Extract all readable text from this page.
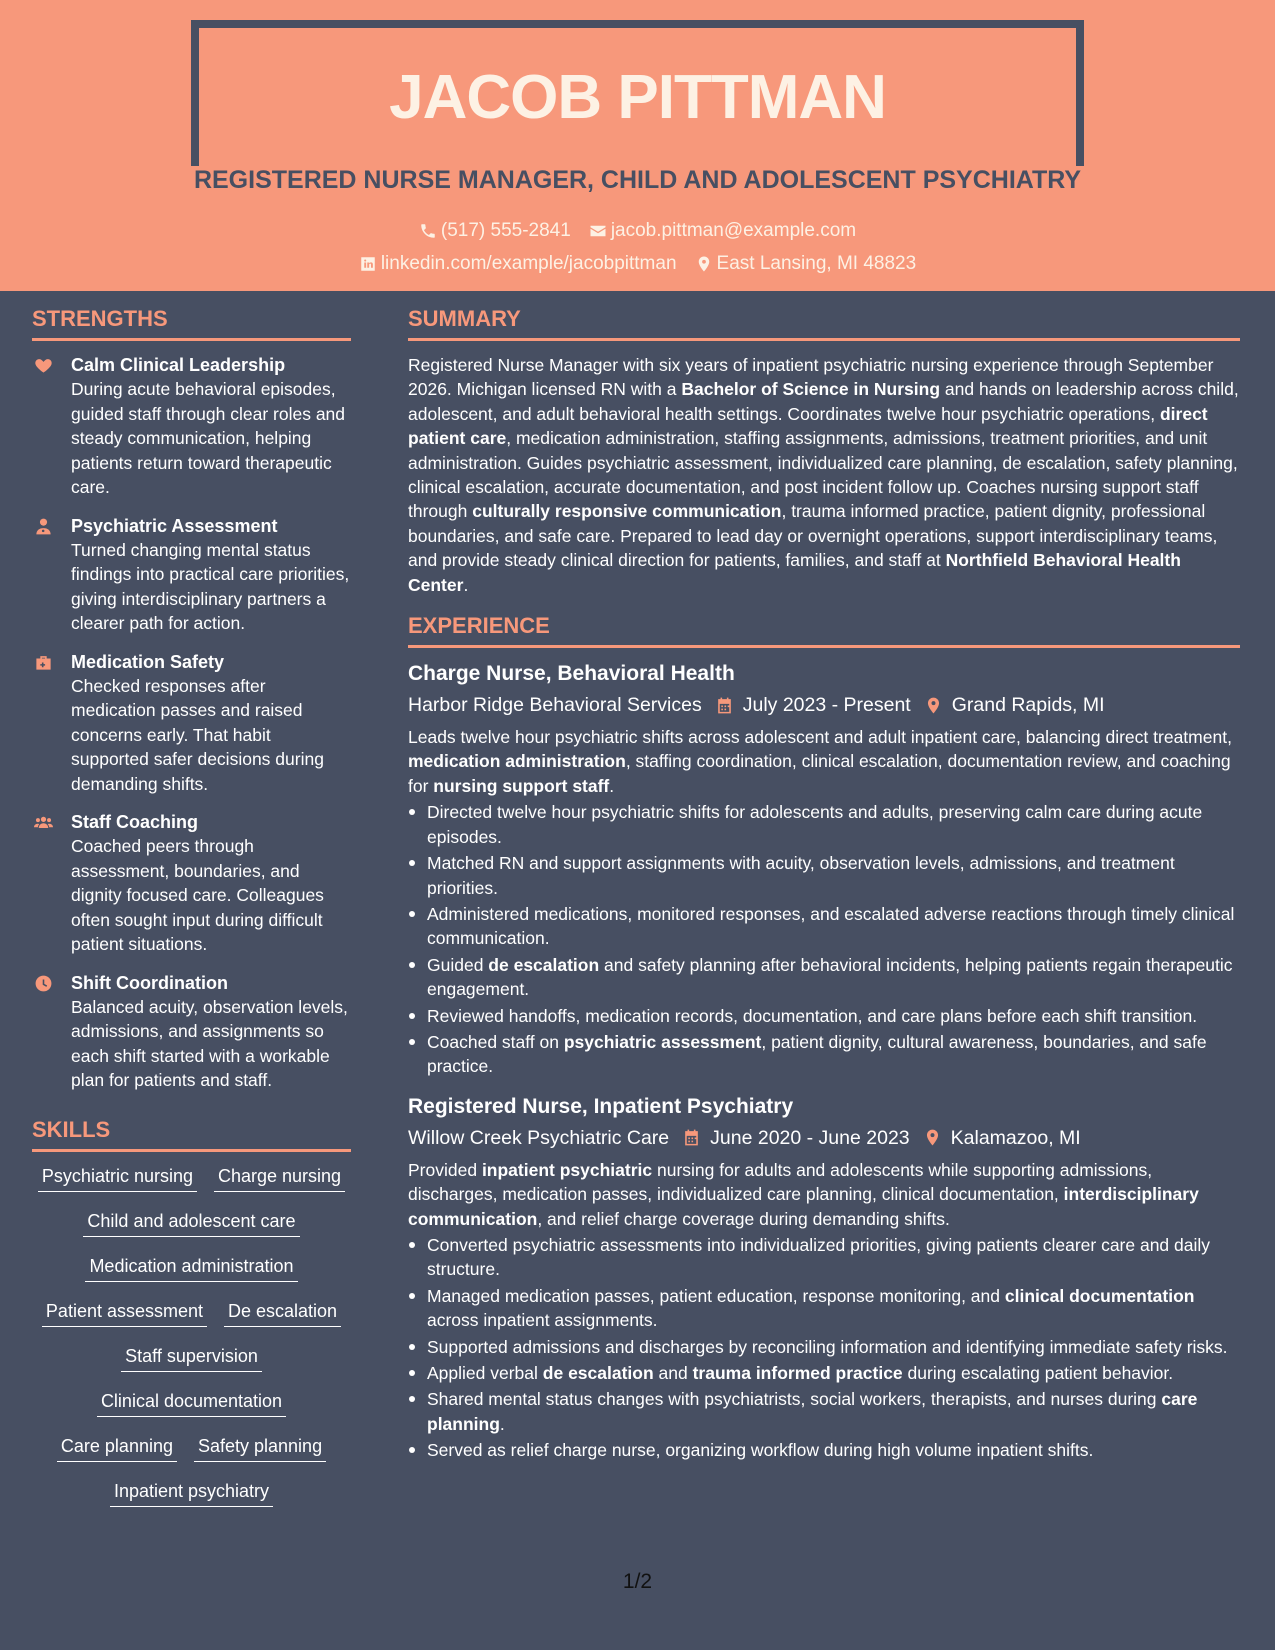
JACOB PITTMAN
REGISTERED NURSE MANAGER, CHILD AND ADOLESCENT PSYCHIATRY
(517) 555-2841 jacob.pittman@example.com
linkedin.com/example/jacobpittman East Lansing, MI 48823
STRENGTHS
Calm Clinical Leadership
During acute behavioral episodes, guided staff through clear roles and steady communication, helping patients return toward therapeutic care.
Psychiatric Assessment
Turned changing mental status findings into practical care priorities, giving interdisciplinary partners a clearer path for action.
Medication Safety
Checked responses after medication passes and raised concerns early. That habit supported safer decisions during demanding shifts.
Staff Coaching
Coached peers through assessment, boundaries, and dignity focused care. Colleagues often sought input during difficult patient situations.
Shift Coordination
Balanced acuity, observation levels, admissions, and assignments so each shift started with a workable plan for patients and staff.
SKILLS
Psychiatric nursing Charge nursing
Child and adolescent care
Medication administration
Patient assessment De escalation
Staff supervision
Clinical documentation
Care planning Safety planning
Inpatient psychiatry
SUMMARY
Registered Nurse Manager with six years of inpatient psychiatric nursing experience through September 2026. Michigan licensed RN with a Bachelor of Science in Nursing and hands on leadership across child, adolescent, and adult behavioral health settings. Coordinates twelve hour psychiatric operations, direct patient care, medication administration, staffing assignments, admissions, treatment priorities, and unit administration. Guides psychiatric assessment, individualized care planning, de escalation, safety planning, clinical escalation, accurate documentation, and post incident follow up. Coaches nursing support staff through culturally responsive communication, trauma informed practice, patient dignity, professional boundaries, and safe care. Prepared to lead day or overnight operations, support interdisciplinary teams, and provide steady clinical direction for patients, families, and staff at Northfield Behavioral Health Center.
EXPERIENCE
Charge Nurse, Behavioral Health
Harbor Ridge Behavioral Services July 2023 - Present Grand Rapids, MI
Leads twelve hour psychiatric shifts across adolescent and adult inpatient care, balancing direct treatment, medication administration, staffing coordination, clinical escalation, documentation review, and coaching for nursing support staff.
Directed twelve hour psychiatric shifts for adolescents and adults, preserving calm care during acute episodes.
Matched RN and support assignments with acuity, observation levels, admissions, and treatment priorities.
Administered medications, monitored responses, and escalated adverse reactions through timely clinical communication.
Guided de escalation and safety planning after behavioral incidents, helping patients regain therapeutic engagement.
Reviewed handoffs, medication records, documentation, and care plans before each shift transition.
Coached staff on psychiatric assessment, patient dignity, cultural awareness, boundaries, and safe practice.
Registered Nurse, Inpatient Psychiatry
Willow Creek Psychiatric Care June 2020 - June 2023 Kalamazoo, MI
Provided inpatient psychiatric nursing for adults and adolescents while supporting admissions, discharges, medication passes, individualized care planning, clinical documentation, interdisciplinary communication, and relief charge coverage during demanding shifts.
Converted psychiatric assessments into individualized priorities, giving patients clearer care and daily structure.
Managed medication passes, patient education, response monitoring, and clinical documentation across inpatient assignments.
Supported admissions and discharges by reconciling information and identifying immediate safety risks.
Applied verbal de escalation and trauma informed practice during escalating patient behavior.
Shared mental status changes with psychiatrists, social workers, therapists, and nurses during care planning.
Served as relief charge nurse, organizing workflow during high volume inpatient shifts.
1/2
